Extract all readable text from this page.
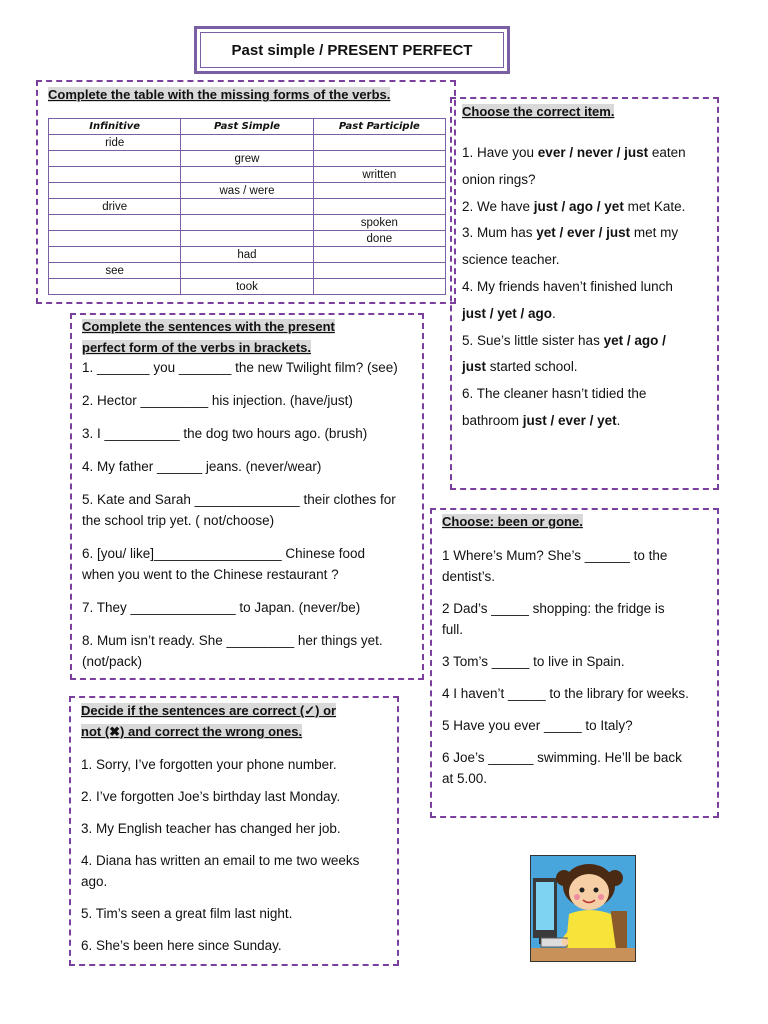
Past simple / PRESENT PERFECT
Complete the table with the missing forms of the verbs.
Infinitive	Past Simple	Past Participle
ride		
	grew	
		written
	was / were	
drive		
		spoken
		done
	had	
see		
	took	
Choose the correct item.
1. Have you ever / never / just eaten
onion rings?
2. We have just / ago / yet met Kate.
3. Mum has yet / ever / just met my
science teacher.
4. My friends haven’t finished lunch
just / yet / ago.
5. Sue’s little sister has yet / ago /
just started school.
6. The cleaner hasn’t tidied the
bathroom just / ever / yet.
Complete the sentences with the present
perfect form of the verbs in brackets.
1. _______ you _______ the new Twilight film? (see)
2. Hector _________ his injection. (have/just)
3. I __________ the dog two hours ago. (brush)
4. My father ______ jeans. (never/wear)
5. Kate and Sarah ______________ their clothes for
the school trip yet. ( not/choose)
6. [you/ like]_________________ Chinese food
when you went to the Chinese restaurant ?
7. They ______________ to Japan. (never/be)
8. Mum isn’t ready. She _________ her things yet.
(not/pack)
Choose: been or gone.
1 Where’s Mum? She’s ______ to the
dentist’s.
2 Dad’s _____ shopping: the fridge is
full.
3 Tom’s _____ to live in Spain.
4 I haven’t _____ to the library for weeks.
5 Have you ever _____ to Italy?
6 Joe’s ______ swimming. He’ll be back
at 5.00.
Decide if the sentences are correct (✓) or
not (✖) and correct the wrong ones.
1. Sorry, I’ve forgotten your phone number.
2. I’ve forgotten Joe’s birthday last Monday.
3. My English teacher has changed her job.
4. Diana has written an email to me two weeks
ago.
5. Tim’s seen a great film last night.
6. She’s been here since Sunday.
